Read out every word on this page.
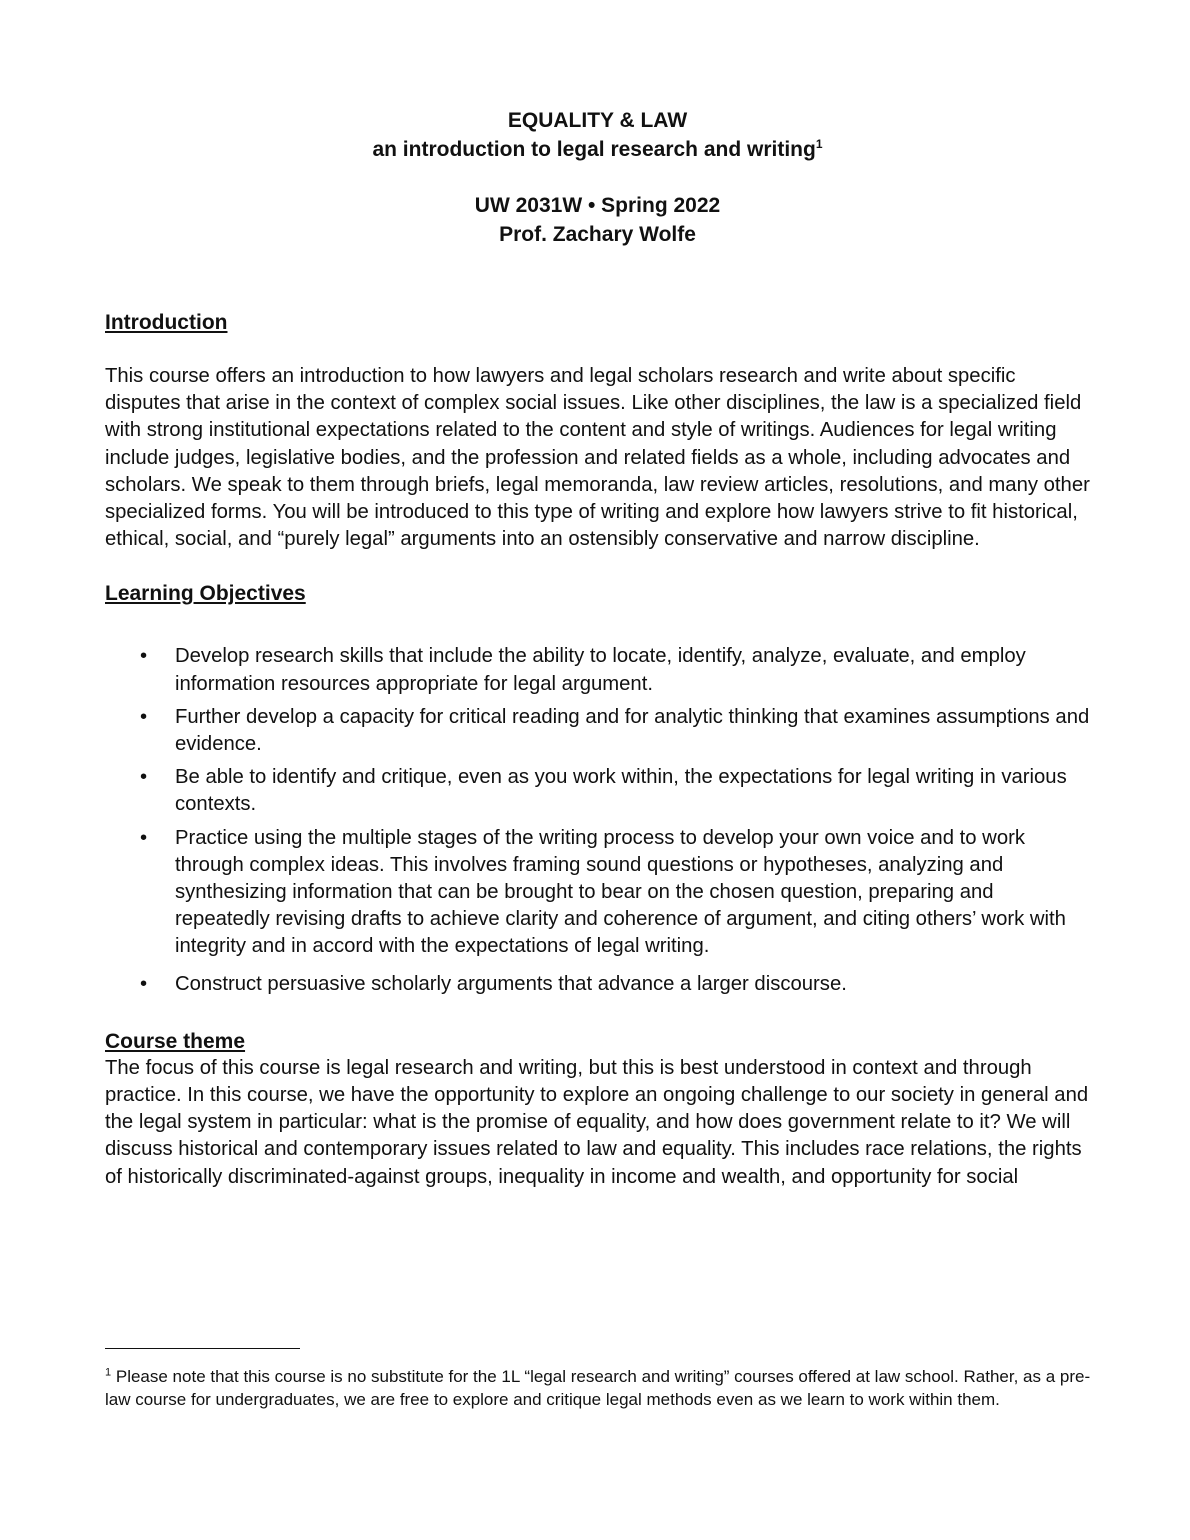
EQUALITY & LAW
an introduction to legal research and writing$^1$
UW 2031W • Spring 2022
Prof. Zachary Wolfe
Introduction

This course offers an introduction to how lawyers and legal scholars research and write about specific disputes that arise in the context of complex social issues. Like other disciplines, the law is a specialized field with strong institutional expectations related to the content and style of writings. Audiences for legal writing include judges, legislative bodies, and the profession and related fields as a whole, including advocates and scholars. We speak to them through briefs, legal memoranda, law review articles, resolutions, and many other specialized forms. You will be introduced to this type of writing and explore how lawyers strive to fit historical, ethical, social, and “purely legal” arguments into an ostensibly conservative and narrow discipline.

Learning Objectives
• Develop research skills that include the ability to locate, identify, analyze, evaluate, and employ information resources appropriate for legal argument.
• Further develop a capacity for critical reading and for analytic thinking that examines assumptions and evidence.
• Be able to identify and critique, even as you work within, the expectations for legal writing in various contexts.
• Practice using the multiple stages of the writing process to develop your own voice and to work through complex ideas. This involves framing sound questions or hypotheses, analyzing and synthesizing information that can be brought to bear on the chosen question, preparing and repeatedly revising drafts to achieve clarity and coherence of argument, and citing others’ work with integrity and in accord with the expectations of legal writing.
• Construct persuasive scholarly arguments that advance a larger discourse.
Course theme

The focus of this course is legal research and writing, but this is best understood in context and through practice. In this course, we have the opportunity to explore an ongoing challenge to our society in general and the legal system in particular: what is the promise of equality, and how does government relate to it? We will discuss historical and contemporary issues related to law and equality. This includes race relations, the rights of historically discriminated-against groups, inequality in income and wealth, and opportunity for social

$^1$ Please note that this course is no substitute for the 1L “legal research and writing” courses offered at law school. Rather, as a pre-law course for undergraduates, we are free to explore and critique legal methods even as we learn to work within them.
